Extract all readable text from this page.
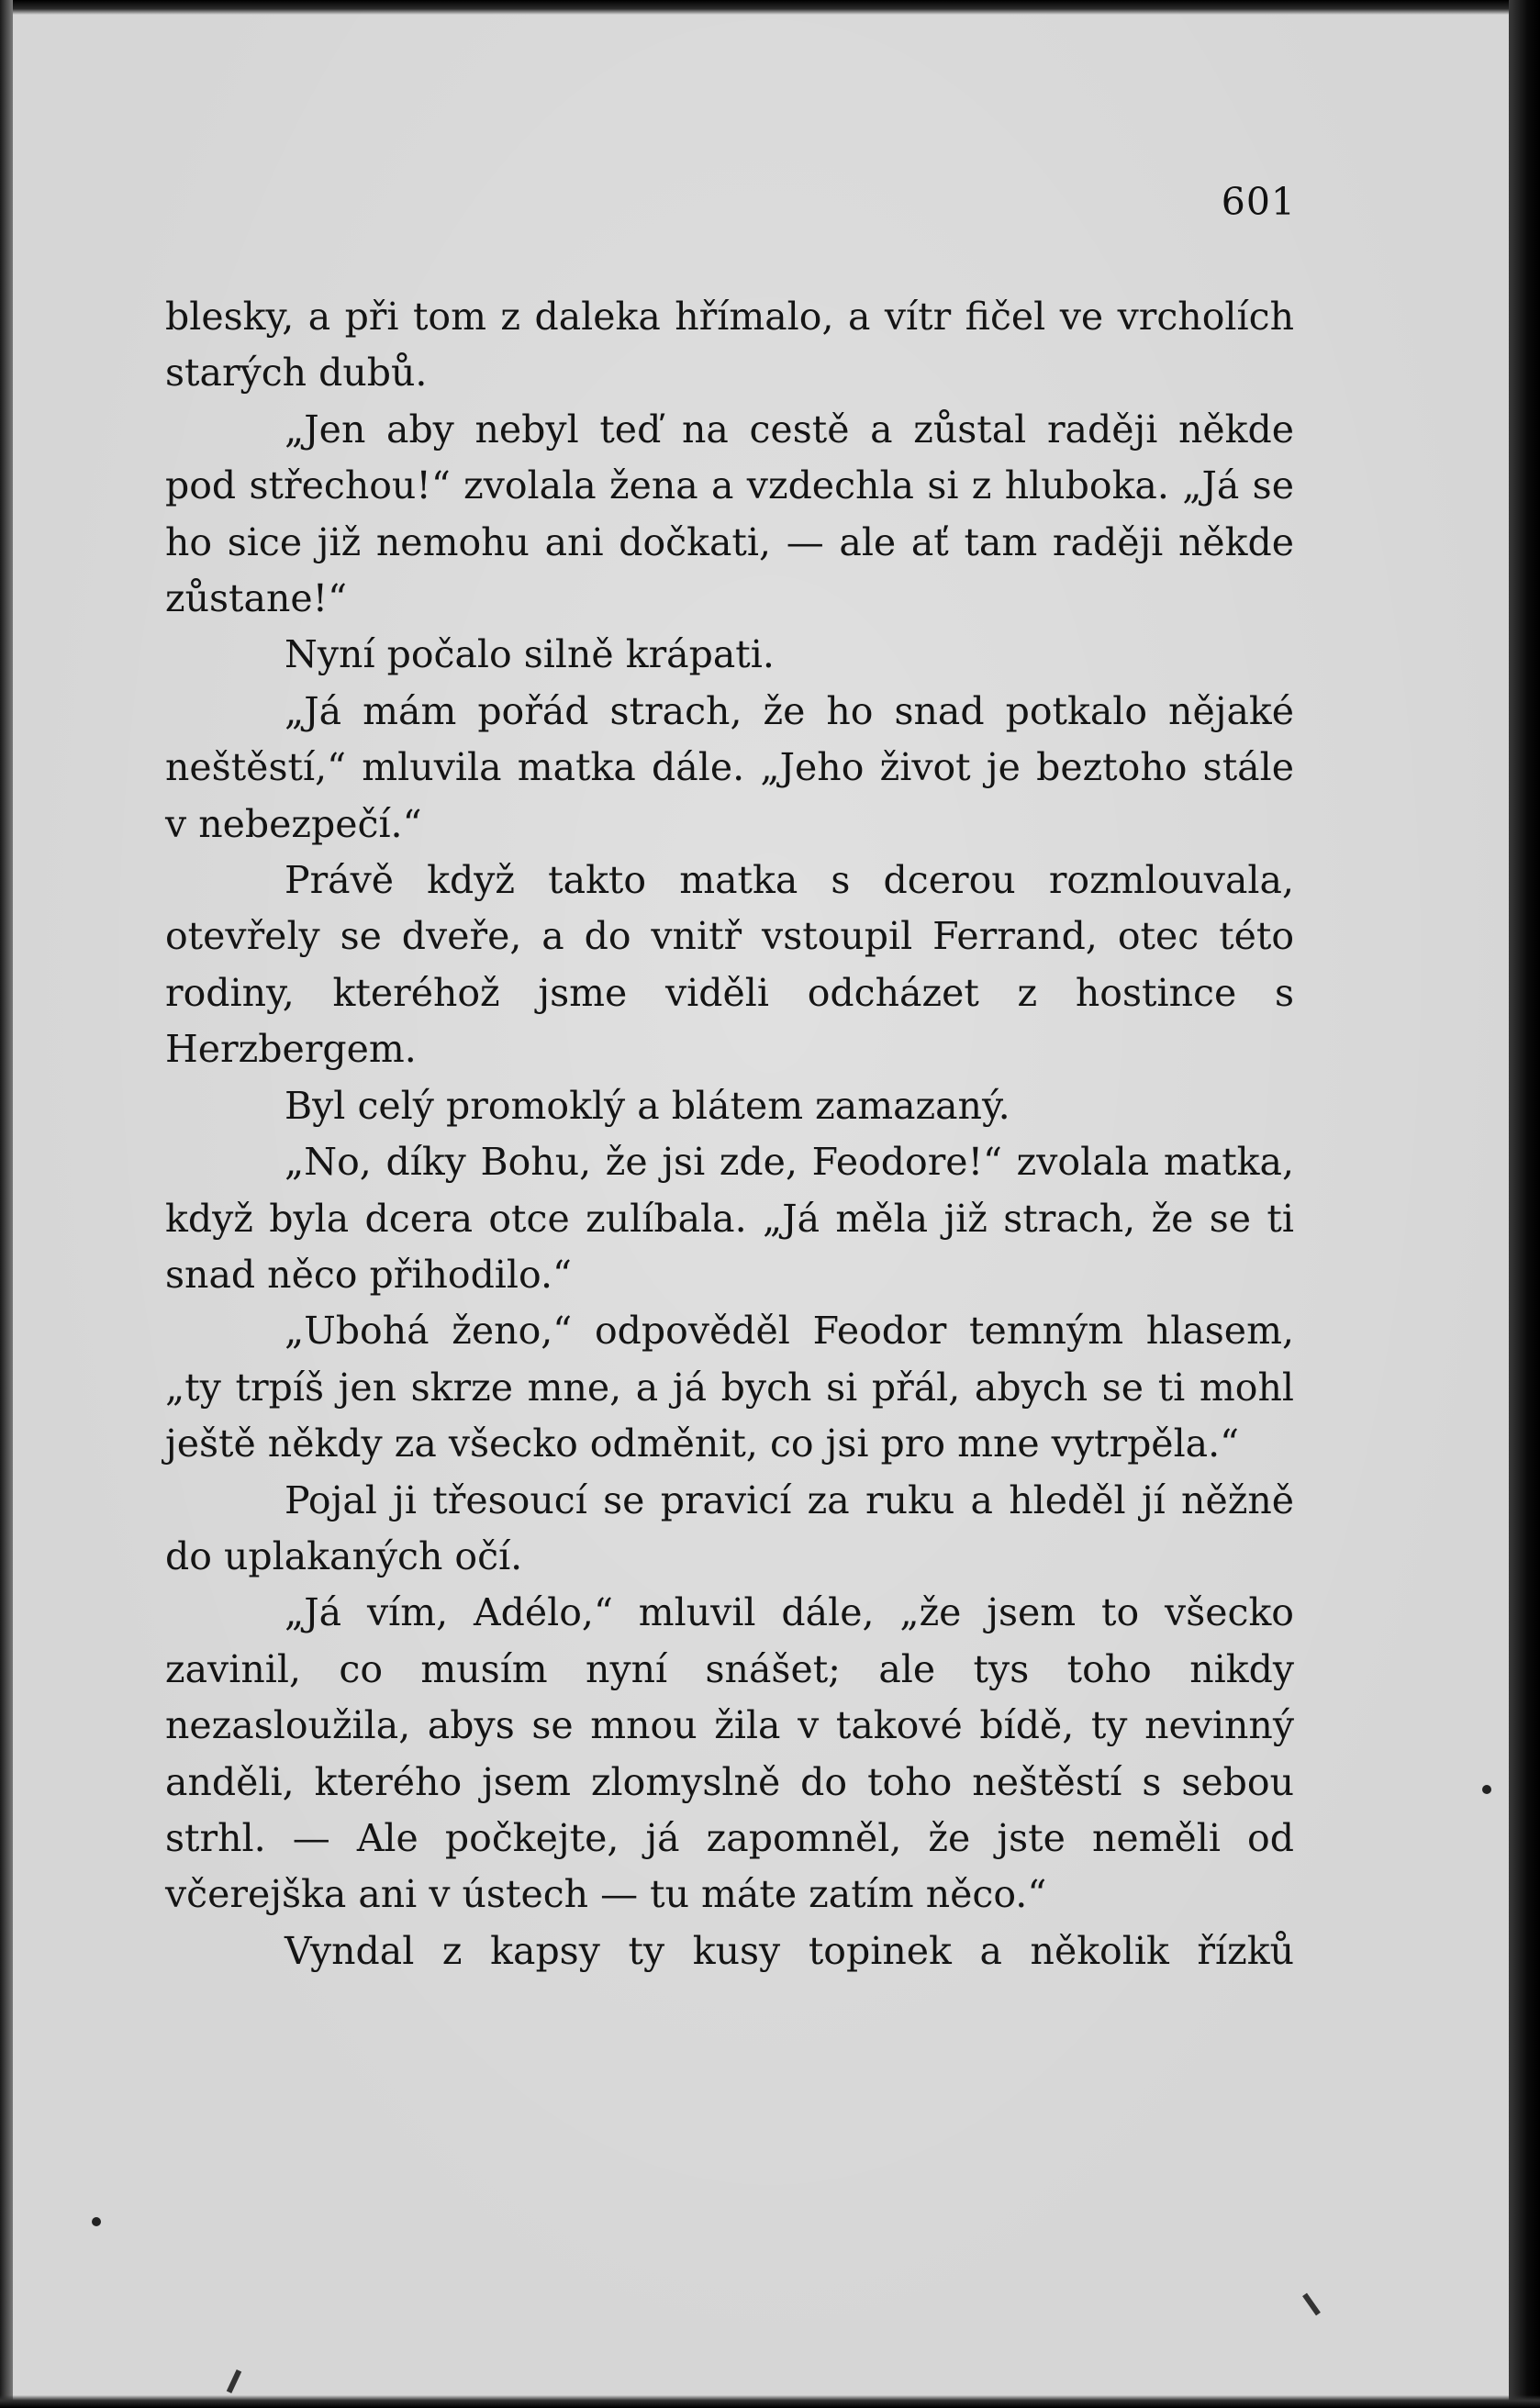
601

blesky, a při tom z daleka hřímalo, a vítr fičel ve vrcholích starých dubů.

„Jen aby nebyl teď na cestě a zůstal raději někde pod střechou!“ zvolala žena a vzdechla si z hluboka. „Já se ho sice již nemohu ani dočkati, — ale ať tam raději někde zůstane!“

Nyní počalo silně krápati.

„Já mám pořád strach, že ho snad potkalo nějaké neštěstí,“ mluvila matka dále. „Jeho život je beztoho stále v nebezpečí.“

Právě když takto matka s dcerou rozmlouvala, otevřely se dveře, a do vnitř vstoupil Ferrand, otec této rodiny, kteréhož jsme viděli odcházet z hostince s Herzbergem.

Byl celý promoklý a blátem zamazaný.

„No, díky Bohu, že jsi zde, Feodore!“ zvolala matka, když byla dcera otce zulíbala. „Já měla již strach, že se ti snad něco přihodilo.“

„Ubohá ženo,“ odpověděl Feodor temným hlasem, „ty trpíš jen skrze mne, a já bych si přál, abych se ti mohl ještě někdy za všecko odměnit, co jsi pro mne vytrpěla.“

Pojal ji třesoucí se pravicí za ruku a hleděl jí něžně do uplakaných očí.

„Já vím, Adélo,“ mluvil dále, „že jsem to všecko zavinil, co musím nyní snášet; ale tys toho nikdy nezasloužila, abys se mnou žila v takové bídě, ty nevinný anděli, kterého jsem zlomyslně do toho neštěstí s sebou strhl. — Ale počkejte, já zapomněl, že jste neměli od včerejška ani v ústech — tu máte zatím něco.“

Vyndal z kapsy ty kusy topinek a několik řízků
